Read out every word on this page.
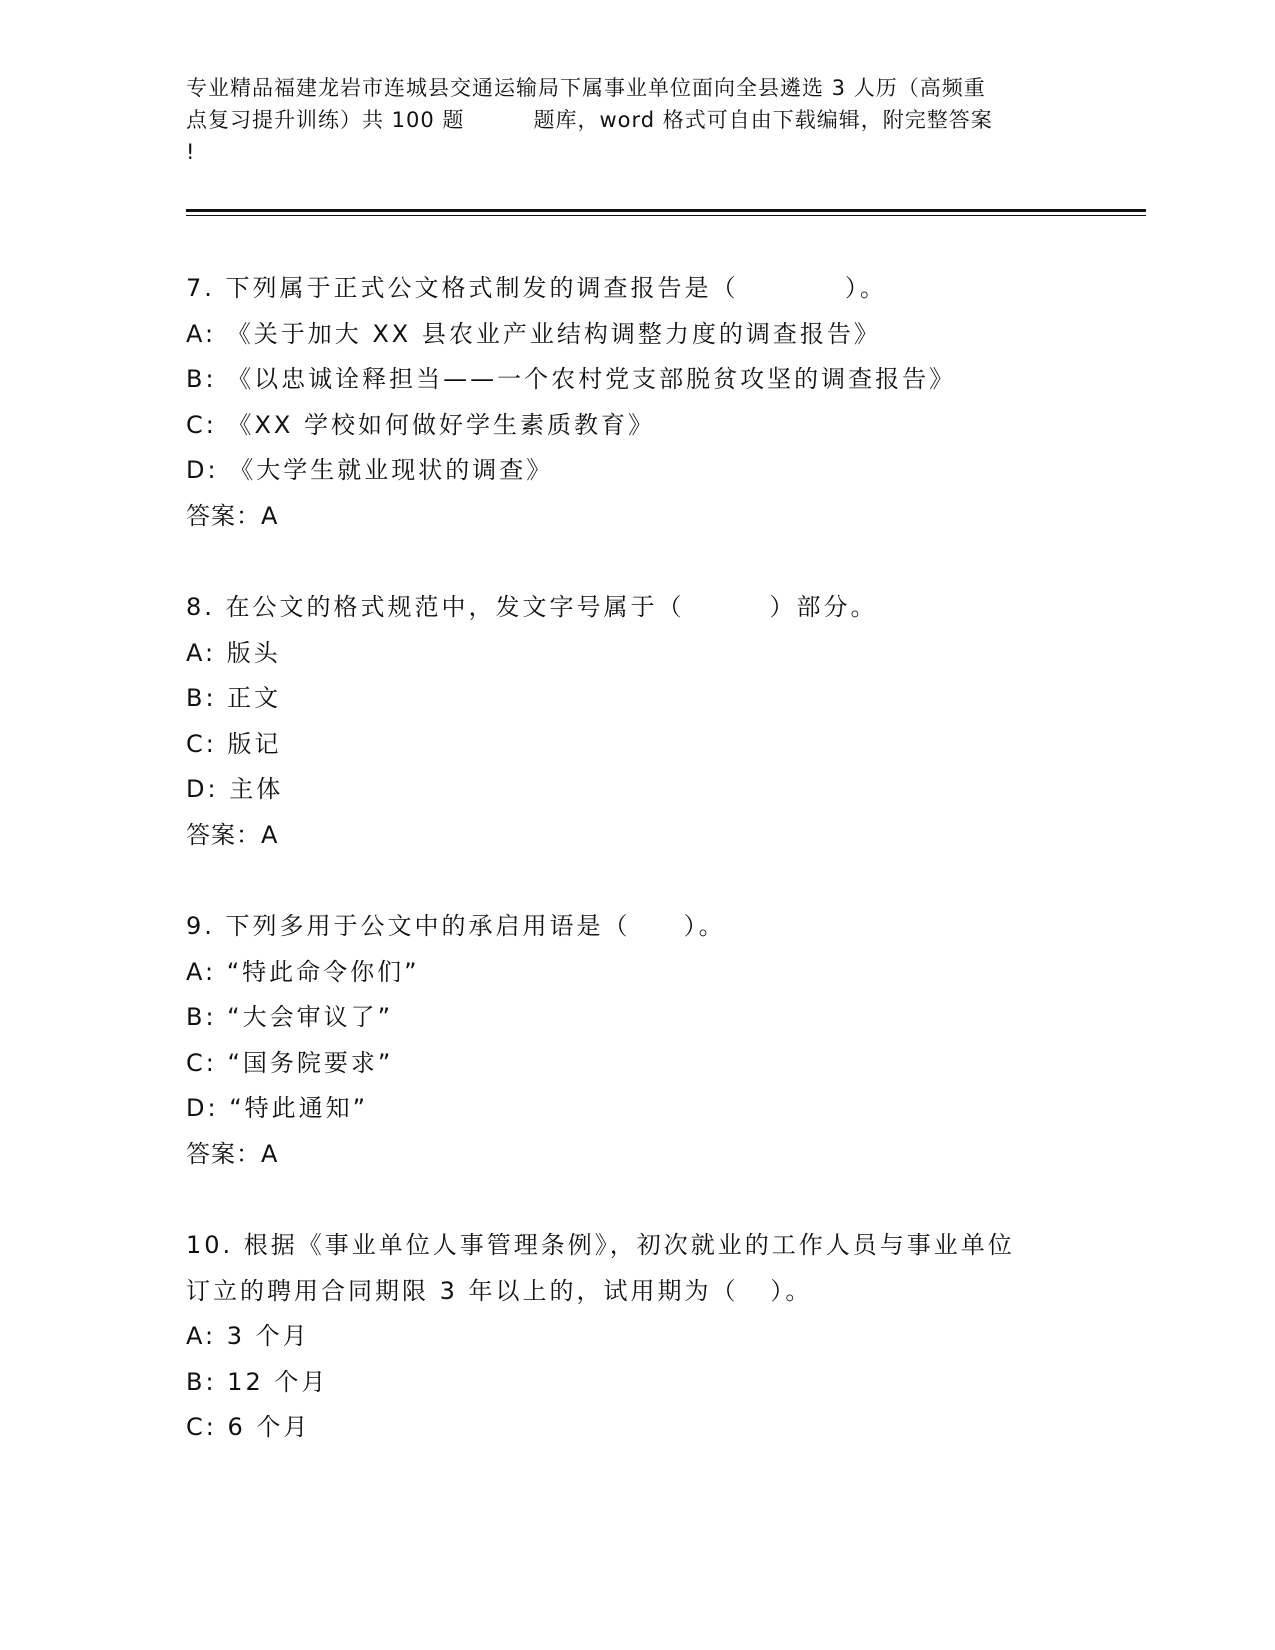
专业精品福建龙岩市连城县交通运输局下属事业单位面向全县遴选 3 人历（高频重
点复习提升训练）共 100 题         题库，word 格式可自由下载编辑，附完整答案
!
7. 下列属于正式公文格式制发的调查报告是（          ）。
A: 《关于加大 XX 县农业产业结构调整力度的调查报告》
B: 《以忠诚诠释担当——一个农村党支部脱贫攻坚的调查报告》
C: 《XX 学校如何做好学生素质教育》
D: 《大学生就业现状的调查》
答案：A
8. 在公文的格式规范中，发文字号属于（        ）部分。
A: 版头
B: 正文
C: 版记
D: 主体
答案：A
9. 下列多用于公文中的承启用语是（     ）。
A: “特此命令你们”
B: “大会审议了”
C: “国务院要求”
D: “特此通知”
答案：A
10. 根据《事业单位人事管理条例》，初次就业的工作人员与事业单位
订立的聘用合同期限 3 年以上的，试用期为（   ）。
A: 3 个月
B: 12 个月
C: 6 个月
